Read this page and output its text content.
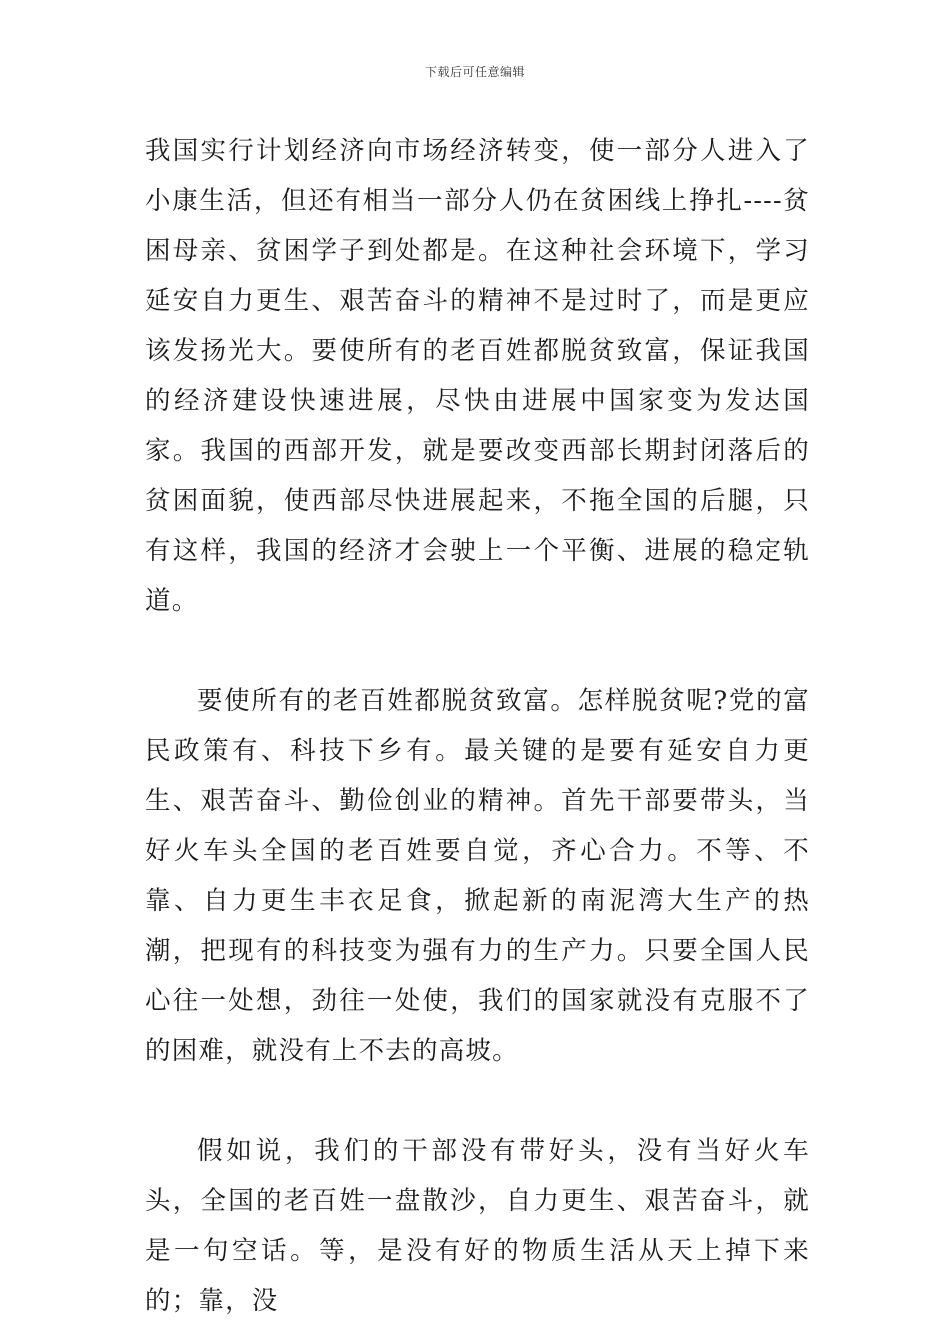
下载后可任意编辑

我国实行计划经济向市场经济转变，使一部分人进入了小康生活，但还有相当一部分人仍在贫困线上挣扎----贫困母亲、贫困学子到处都是。在这种社会环境下，学习延安自力更生、艰苦奋斗的精神不是过时了，而是更应该发扬光大。要使所有的老百姓都脱贫致富，保证我国的经济建设快速进展，尽快由进展中国家变为发达国家。我国的西部开发，就是要改变西部长期封闭落后的贫困面貌，使西部尽快进展起来，不拖全国的后腿，只有这样，我国的经济才会驶上一个平衡、进展的稳定轨道。

要使所有的老百姓都脱贫致富。怎样脱贫呢?党的富民政策有、科技下乡有。最关键的是要有延安自力更生、艰苦奋斗、勤俭创业的精神。首先干部要带头，当好火车头全国的老百姓要自觉，齐心合力。不等、不靠、自力更生丰衣足食，掀起新的南泥湾大生产的热潮，把现有的科技变为强有力的生产力。只要全国人民心往一处想，劲往一处使，我们的国家就没有克服不了的困难，就没有上不去的高坡。

假如说，我们的干部没有带好头，没有当好火车头，全国的老百姓一盘散沙，自力更生、艰苦奋斗，就是一句空话。等，是没有好的物质生活从天上掉下来的；靠，没
